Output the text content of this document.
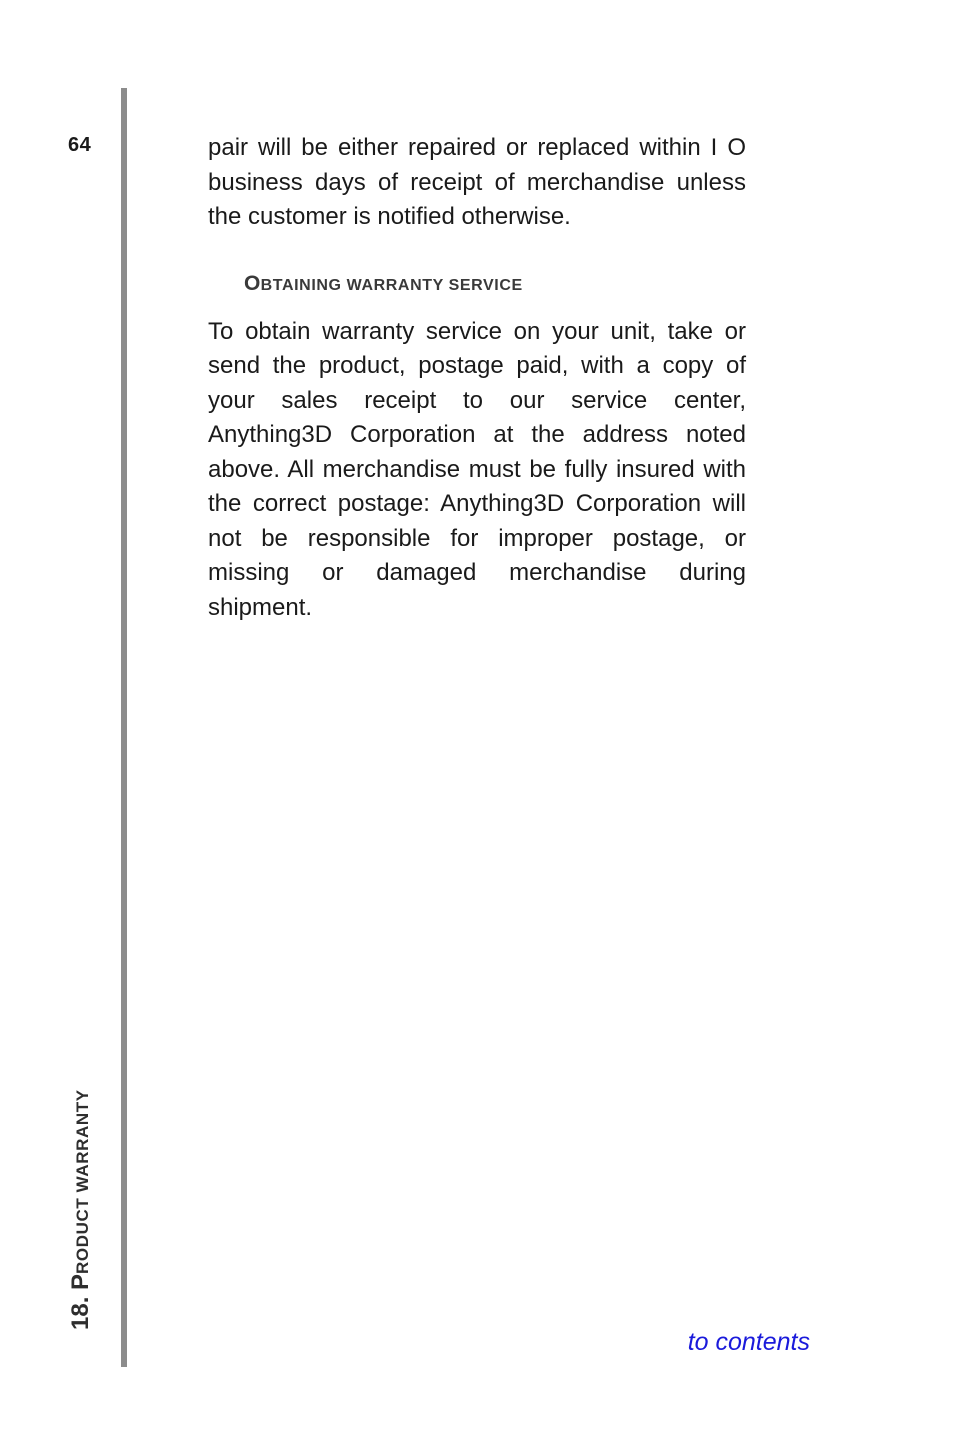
64
18. PRODUCT WARRANTY

pair will be either repaired or replaced within I O business days of receipt of merchandise unless the customer is notified otherwise.

OBTAINING WARRANTY SERVICE

To obtain warranty service on your unit, take or send the product, postage paid, with a copy of your sales receipt to our service center, Anything3D Corporation at the address noted above. All merchandise must be fully insured with the correct postage: Anything3D Corporation will not be responsible for improper postage, or missing or damaged merchandise during shipment.

to contents
